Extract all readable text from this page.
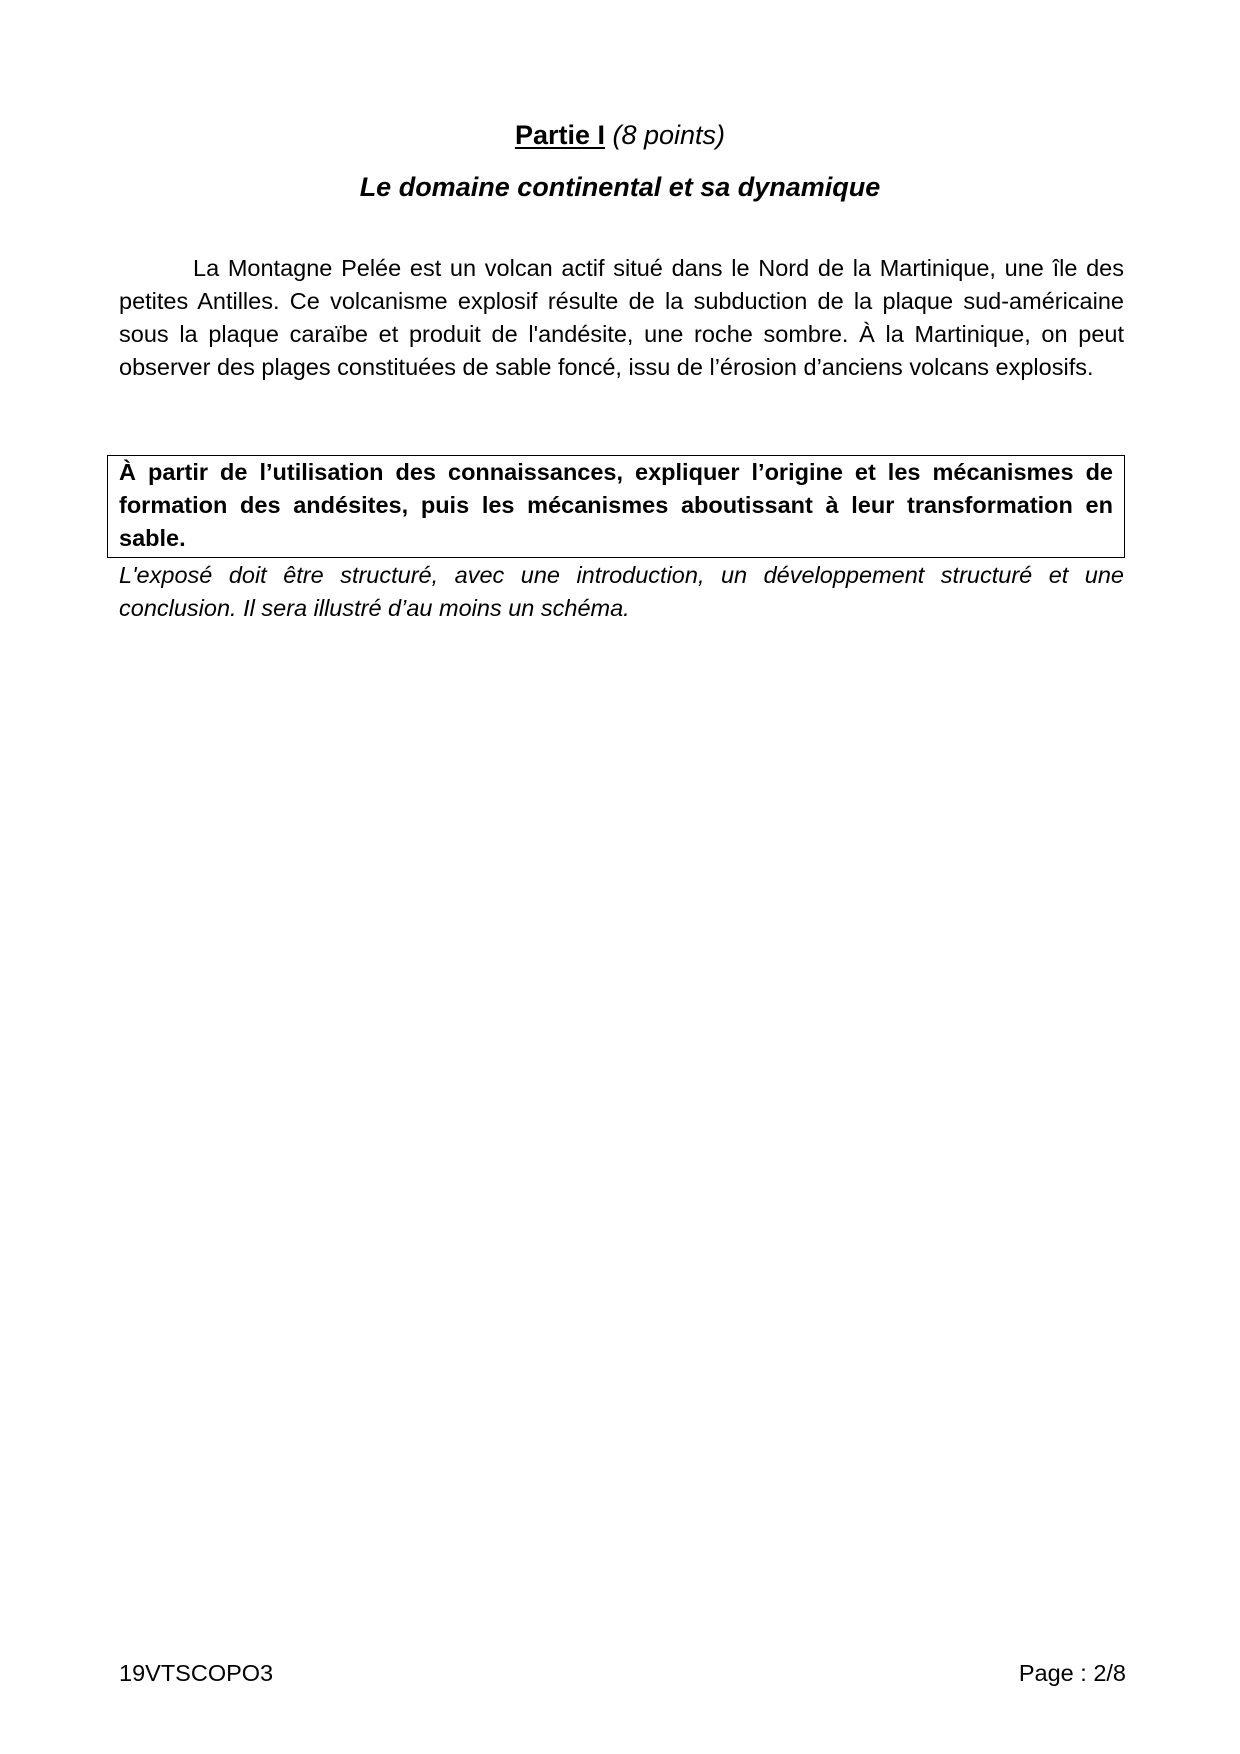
Partie I (8 points)
Le domaine continental et sa dynamique

La Montagne Pelée est un volcan actif situé dans le Nord de la Martinique, une île des petites Antilles. Ce volcanisme explosif résulte de la subduction de la plaque sud-américaine sous la plaque caraïbe et produit de l'andésite, une roche sombre. À la Martinique, on peut observer des plages constituées de sable foncé, issu de l’érosion d’anciens volcans explosifs.

À partir de l’utilisation des connaissances, expliquer l’origine et les mécanismes de formation des andésites, puis les mécanismes aboutissant à leur transformation en sable.

L'exposé doit être structuré, avec une introduction, un développement structuré et une conclusion. Il sera illustré d’au moins un schéma.

19VTSCOPO3	Page : 2/8
